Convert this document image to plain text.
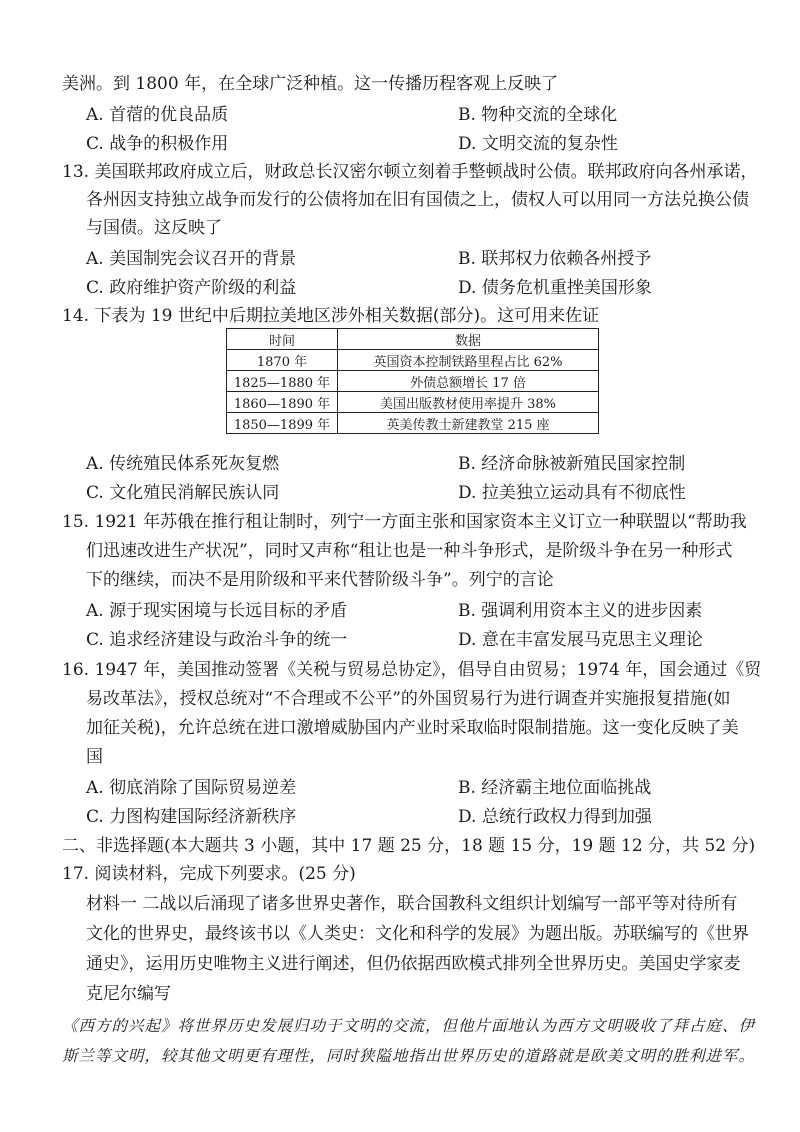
美洲。到 1800 年，在全球广泛种植。这一传播历程客观上反映了
A. 首蓿的优良品质	B. 物种交流的全球化
C. 战争的积极作用	D. 文明交流的复杂性
13. 美国联邦政府成立后，财政总长汉密尔顿立刻着手整顿战时公债。联邦政府向各州承诺，
各州因支持独立战争而发行的公债将加在旧有国债之上，债权人可以用同一方法兑换公债
与国债。这反映了
A. 美国制宪会议召开的背景	B. 联邦权力依赖各州授予
C. 政府维护资产阶级的利益	D. 债务危机重挫美国形象
14. 下表为 19 世纪中后期拉美地区涉外相关数据(部分)。这可用来佐证
时间	数据
1870 年	英国资本控制铁路里程占比 62%
1825—1880 年	外债总额增长 17 倍
1860—1890 年	美国出版教材使用率提升 38%
1850—1899 年	英美传教士新建教堂 215 座
A. 传统殖民体系死灰复燃	B. 经济命脉被新殖民国家控制
C. 文化殖民消解民族认同	D. 拉美独立运动具有不彻底性
15. 1921 年苏俄在推行租让制时，列宁一方面主张和国家资本主义订立一种联盟以“帮助我
们迅速改进生产状况”，同时又声称“租让也是一种斗争形式，是阶级斗争在另一种形式
下的继续，而决不是用阶级和平来代替阶级斗争”。列宁的言论
A. 源于现实困境与长远目标的矛盾	B. 强调利用资本主义的进步因素
C. 追求经济建设与政治斗争的统一	D. 意在丰富发展马克思主义理论
16. 1947 年，美国推动签署《关税与贸易总协定》，倡导自由贸易；1974 年，国会通过《贸
易改革法》，授权总统对“不合理或不公平”的外国贸易行为进行调查并实施报复措施(如
加征关税)，允许总统在进口激增威胁国内产业时采取临时限制措施。这一变化反映了美
国
A. 彻底消除了国际贸易逆差	B. 经济霸主地位面临挑战
C. 力图构建国际经济新秩序	D. 总统行政权力得到加强
二、非选择题(本大题共 3 小题，其中 17 题 25 分，18 题 15 分，19 题 12 分，共 52 分)
17. 阅读材料，完成下列要求。(25 分)
材料一 二战以后涌现了诸多世界史著作，联合国教科文组织计划编写一部平等对待所有
文化的世界史，最终该书以《人类史：文化和科学的发展》为题出版。苏联编写的《世界
通史》，运用历史唯物主义进行阐述，但仍依据西欧模式排列全世界历史。美国史学家麦
克尼尔编写
《西方的兴起》将世界历史发展归功于文明的交流，但他片面地认为西方文明吸收了拜占庭、伊
斯兰等文明，较其他文明更有理性，同时狭隘地指出世界历史的道路就是欧美文明的胜利进军。
